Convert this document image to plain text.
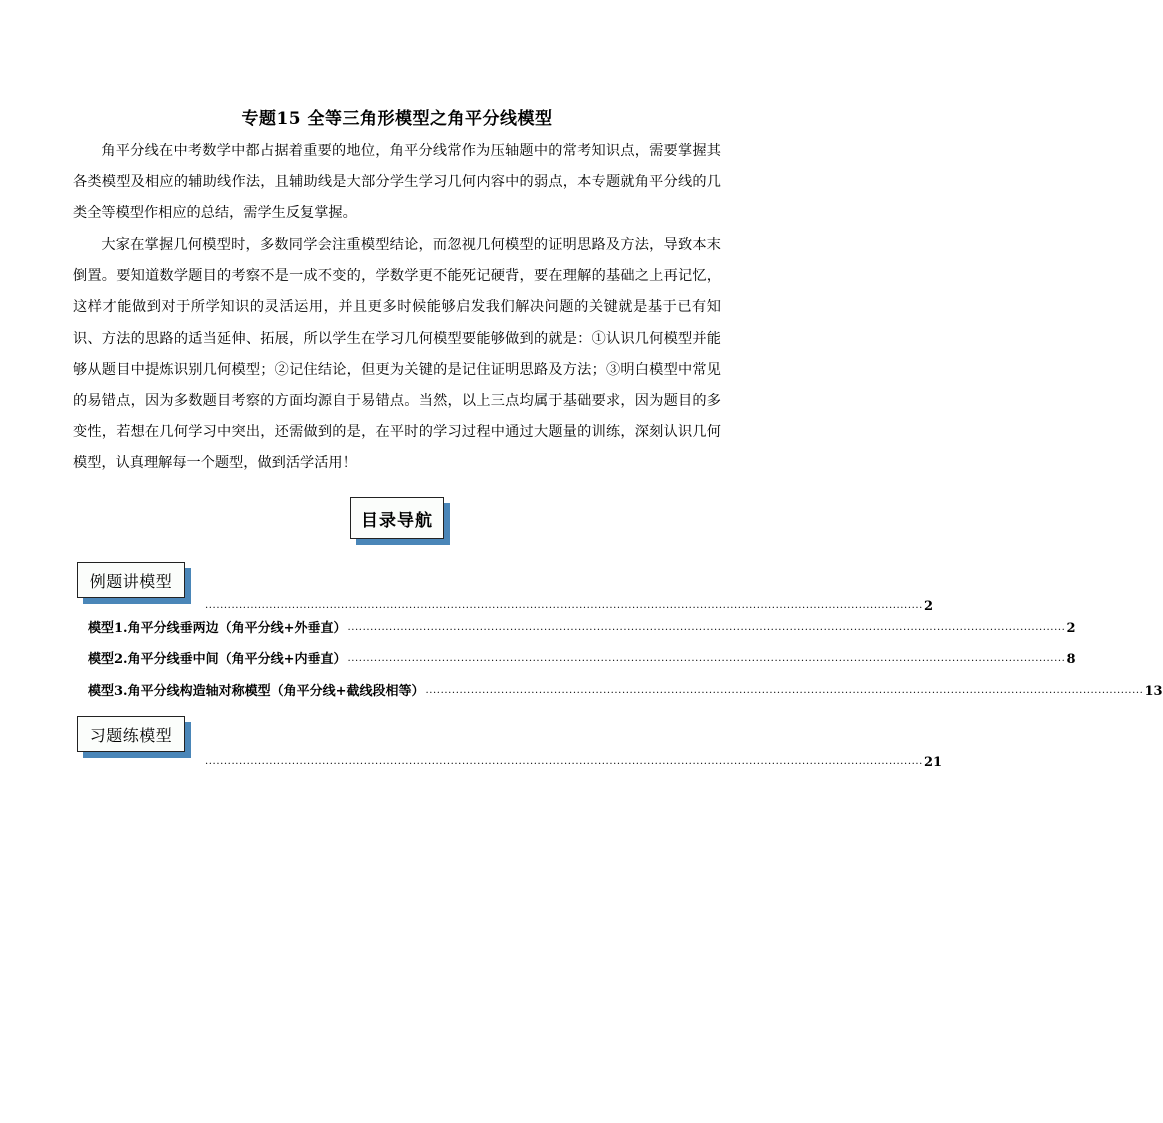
专题15 全等三角形模型之角平分线模型

角平分线在中考数学中都占据着重要的地位，角平分线常作为压轴题中的常考知识点，需要掌握其各类模型及相应的辅助线作法，且辅助线是大部分学生学习几何内容中的弱点，本专题就角平分线的几类全等模型作相应的总结，需学生反复掌握。

大家在掌握几何模型时，多数同学会注重模型结论，而忽视几何模型的证明思路及方法，导致本末倒置。要知道数学题目的考察不是一成不变的，学数学更不能死记硬背，要在理解的基础之上再记忆，这样才能做到对于所学知识的灵活运用，并且更多时候能够启发我们解决问题的关键就是基于已有知识、方法的思路的适当延伸、拓展，所以学生在学习几何模型要能够做到的就是：①认识几何模型并能够从题目中提炼识别几何模型；②记住结论，但更为关键的是记住证明思路及方法；③明白模型中常见的易错点，因为多数题目考察的方面均源自于易错点。当然，以上三点均属于基础要求，因为题目的多变性，若想在几何学习中突出，还需做到的是，在平时的学习过程中通过大题量的训练，深刻认识几何模型，认真理解每一个题型，做到活学活用！

目录导航
例题讲模型
.............................................................................................................................................................................................. 2
模型1.角平分线垂两边（角平分线+外垂直） .............................................................................................................................................................................................. 2
模型2.角平分线垂中间（角平分线+内垂直） .............................................................................................................................................................................................. 8
模型3.角平分线构造轴对称模型（角平分线+截线段相等） .............................................................................................................................................................................................. 13
习题练模型
.............................................................................................................................................................................................. 21
